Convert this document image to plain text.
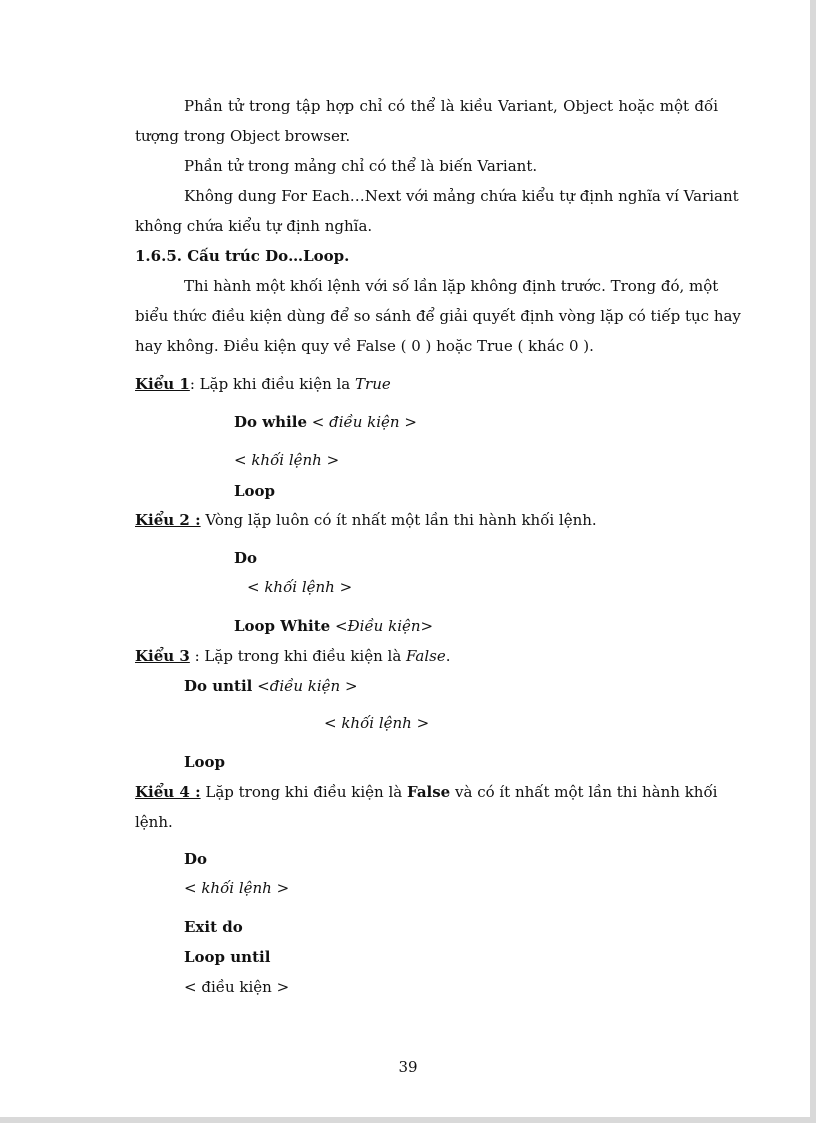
Phần tử trong tập hợp chỉ có thể là kiều Variant, Object hoặc một đối
tượng trong Object browser.
Phần tử trong mảng chỉ có thể là biến Variant.
Không dung For Each…Next với mảng chứa kiểu tự định nghĩa ví Variant
không chứa kiểu tự định nghĩa.
1.6.5. Cấu trúc Do…Loop.
Thi hành một khối lệnh với số lần lặp không định trước. Trong đó, một
biểu thức điều kiện dùng để so sánh để giải quyết định vòng lặp có tiếp tục hay
hay không. Điều kiện quy về False ( 0 ) hoặc True ( khác 0 ).
Kiểu 1: Lặp khi điều kiện la True
Do while < điều kiện >
< khối lệnh >
Loop
Kiểu 2 : Vòng lặp luôn có ít nhất một lần thi hành khối lệnh.
Do
< khối lệnh >
Loop White <Điều kiện>
Kiểu 3 : Lặp trong khi điều kiện là False.
Do until <điều kiện >
< khối lệnh >
Loop
Kiểu 4 : Lặp trong khi điều kiện là False và có ít nhất một lần thi hành khối
lệnh.
Do
< khối lệnh >
Exit do
Loop until
< điều kiện >
39
